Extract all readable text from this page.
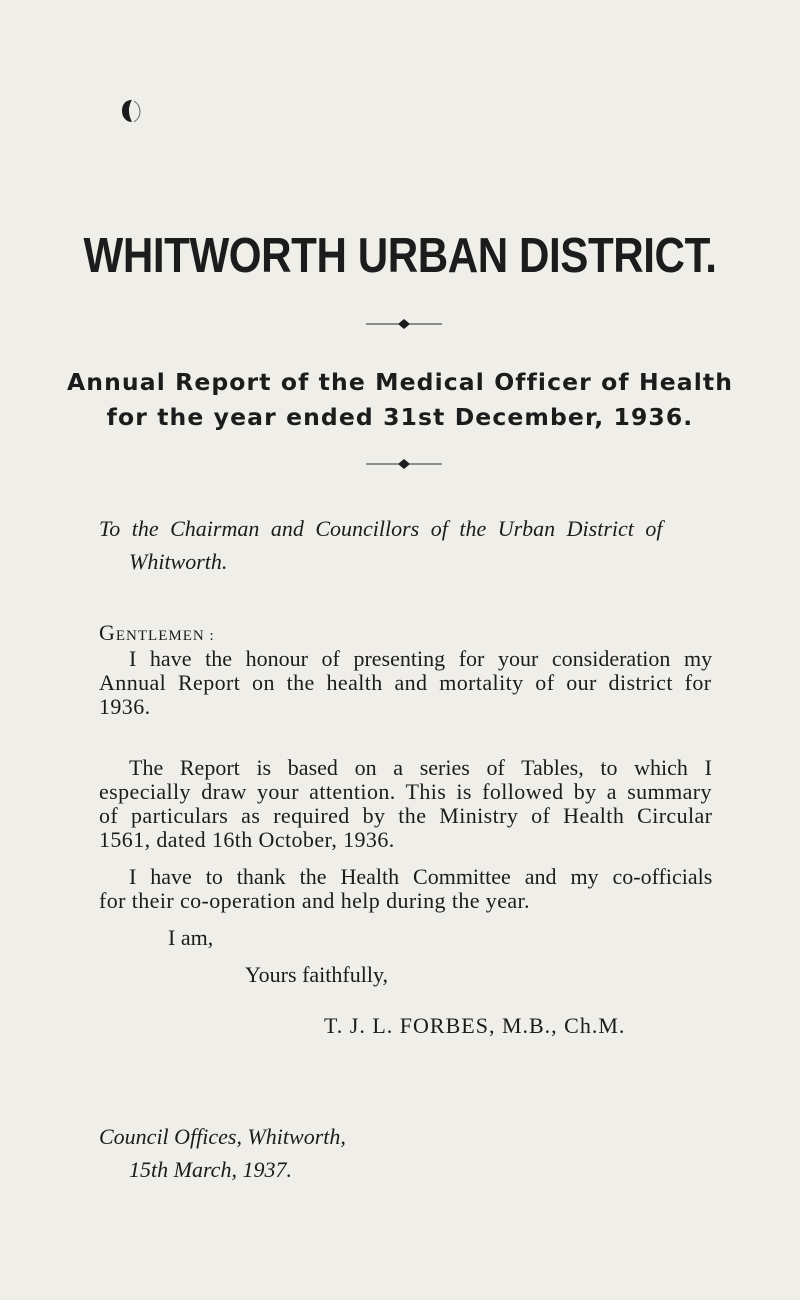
WHITWORTH URBAN DISTRICT.
Annual Report of the Medical Officer of Health
for the year ended 31st December, 1936.
To the Chairman and Councillors of the Urban District of
Whitworth.
GENTLEMEN :
I have the honour of presenting for your consideration my
Annual Report on the health and mortality of our district for
1936.
The Report is based on a series of Tables, to which I
especially draw your attention. This is followed by a summary
of particulars as required by the Ministry of Health Circular
1561, dated 16th October, 1936.
I have to thank the Health Committee and my co-officials
for their co-operation and help during the year.
I am,
Yours faithfully,
T. J. L. FORBES, M.B., Ch.M.
Council Offices, Whitworth,
15th March, 1937.
